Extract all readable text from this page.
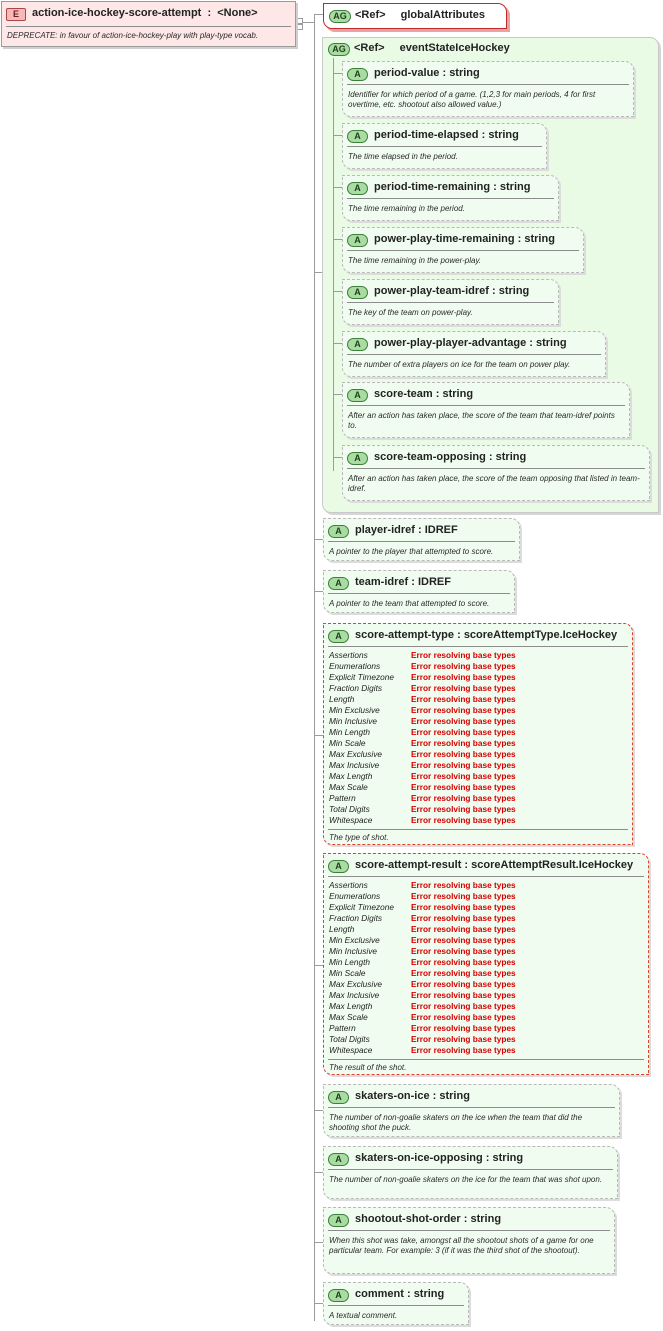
E	action-ice-hockey-score-attempt  :  <None>
DEPRECATE: in favour of action-ice-hockey-play with play-type vocab.
AG <Ref> globalAttributes
AG <Ref> eventStateIceHockey
A	period-value : string
Identifier for which period of a game. (1,2,3 for main periods, 4 for first overtime, etc. shootout also allowed value.)
A	period-time-elapsed : string
The time elapsed in the period.
A	period-time-remaining : string
The time remaining in the period.
A	power-play-time-remaining : string
The time remaining in the power-play.
A	power-play-team-idref : string
The key of the team on power-play.
A	power-play-player-advantage : string
The number of extra players on ice for the team on power play.
A	score-team : string
After an action has taken place, the score of the team that team-idref points to.
A	score-team-opposing : string
After an action has taken place, the score of the team opposing that listed in team-idref.
A	player-idref : IDREF
A pointer to the player that attempted to score.
A	team-idref : IDREF
A pointer to the team that attempted to score.
A	score-attempt-type : scoreAttemptType.IceHockey
Assertions	Error resolving base types
Enumerations	Error resolving base types
Explicit Timezone Error resolving base types
Fraction Digits	Error resolving base types
Length	Error resolving base types
Min Exclusive	Error resolving base types
Min Inclusive	Error resolving base types
Min Length	Error resolving base types
Min Scale	Error resolving base types
Max Exclusive	Error resolving base types
Max Inclusive	Error resolving base types
Max Length	Error resolving base types
Max Scale	Error resolving base types
Pattern	Error resolving base types
Total Digits	Error resolving base types
Whitespace	Error resolving base types
The type of shot.
A	score-attempt-result : scoreAttemptResult.IceHockey
Assertions	Error resolving base types
Enumerations	Error resolving base types
Explicit Timezone Error resolving base types
Fraction Digits	Error resolving base types
Length	Error resolving base types
Min Exclusive	Error resolving base types
Min Inclusive	Error resolving base types
Min Length	Error resolving base types
Min Scale	Error resolving base types
Max Exclusive	Error resolving base types
Max Inclusive	Error resolving base types
Max Length	Error resolving base types
Max Scale	Error resolving base types
Pattern	Error resolving base types
Total Digits	Error resolving base types
Whitespace	Error resolving base types
The result of the shot.
A	skaters-on-ice : string
The number of non-goalie skaters on the ice when the team that did the shooting shot the puck.
A	skaters-on-ice-opposing : string
The number of non-goalie skaters on the ice for the team that was shot upon.
A	shootout-shot-order : string
When this shot was take, amongst all the shootout shots of a game for one particular team. For example: 3 (if it was the third shot of the shootout).
A	comment : string
A textual comment.
